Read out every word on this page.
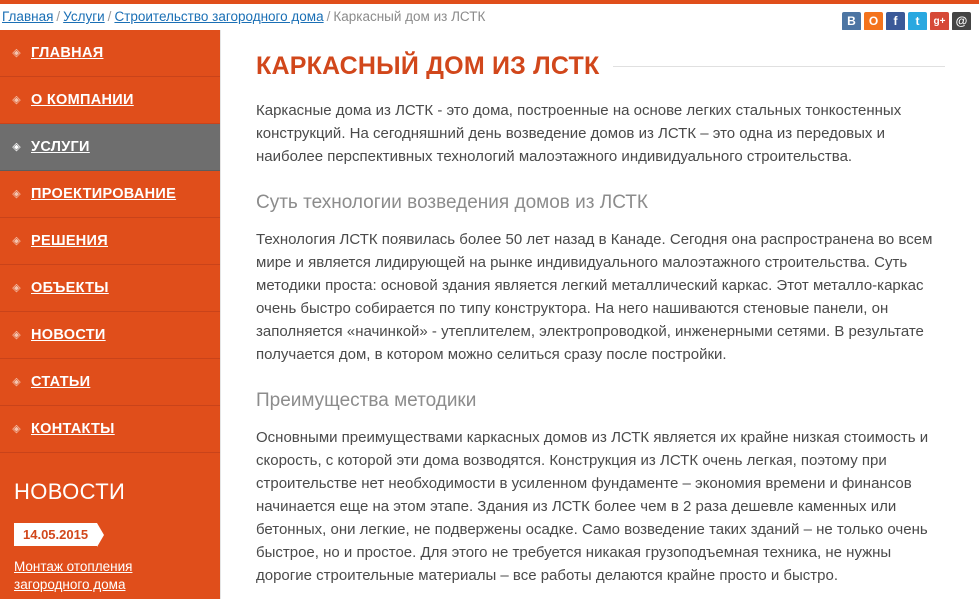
Главная / Услуги / Строительство загородного дома / Каркасный дом из ЛСТК	B	O	f	t	g+ @
◈ ГЛАВНАЯ
◈ О КОМПАНИИ
◈ УСЛУГИ
◈ ПРОЕКТИРОВАНИЕ
◈ РЕШЕНИЯ
◈ ОБЪЕКТЫ
◈ НОВОСТИ
◈ СТАТЬИ
◈ КОНТАКТЫ
НОВОСТИ
14.05.2015
Монтаж отопления загородного дома
КАРКАСНЫЙ ДОМ ИЗ ЛСТК

Каркасные дома из ЛСТК - это дома, построенные на основе легких стальных тонкостенных конструкций. На сегодняшний день возведение домов из ЛСТК – это одна из передовых и наиболее перспективных технологий малоэтажного индивидуального строительства.

Суть технологии возведения домов из ЛСТК

Технология ЛСТК появилась более 50 лет назад в Канаде. Сегодня она распространена во всем мире и является лидирующей на рынке индивидуального малоэтажного строительства. Суть методики проста: основой здания является легкий металлический каркас. Этот металло-каркас очень быстро собирается по типу конструктора. На него нашиваются стеновые панели, он заполняется «начинкой» - утеплителем, электропроводкой, инженерными сетями. В результате получается дом, в котором можно селиться сразу после постройки.

Преимущества методики

Основными преимуществами каркасных домов из ЛСТК является их крайне низкая стоимость и скорость, с которой эти дома возводятся. Конструкция из ЛСТК очень легкая, поэтому при строительстве нет необходимости в усиленном фундаменте – экономия времени и финансов начинается еще на этом этапе. Здания из ЛСТК более чем в 2 раза дешевле каменных или бетонных, они легкие, не подвержены осадке. Само возведение таких зданий – не только очень быстрое, но и простое. Для этого не требуется никакая грузоподъемная техника, не нужны дорогие строительные материалы – все работы делаются крайне просто и быстро.
